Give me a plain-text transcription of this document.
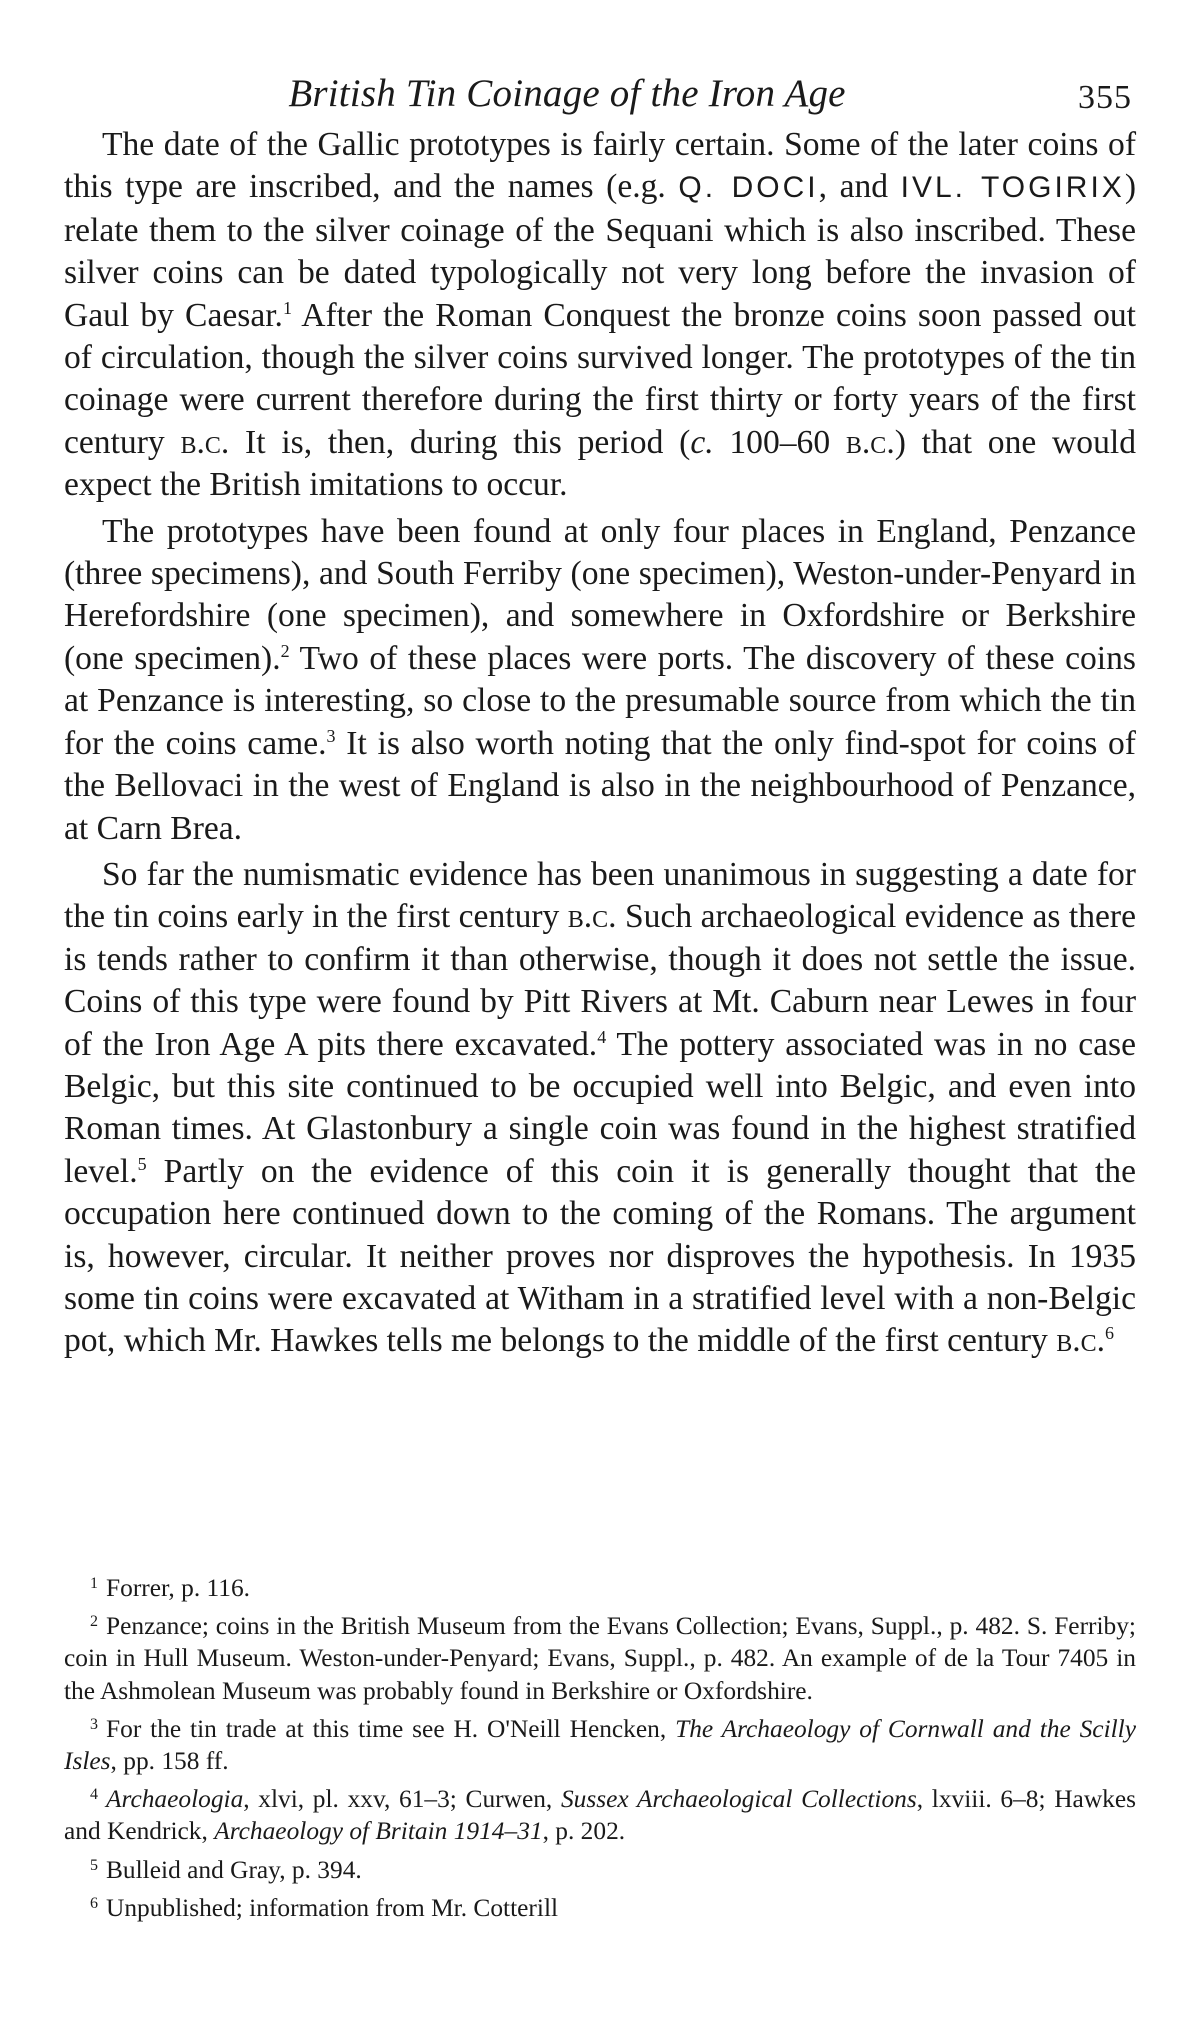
British Tin Coinage of the Iron Age	355

The date of the Gallic prototypes is fairly certain. Some of the later coins of this type are inscribed, and the names (e.g. Q. DOCI, and IVL. TOGIRIX) relate them to the silver coinage of the Sequani which is also inscribed. These silver coins can be dated typologically not very long before the invasion of Gaul by Caesar.$^1$ After the Roman Conquest the bronze coins soon passed out of circulation, though the silver coins survived longer. The prototypes of the tin coinage were current therefore during the first thirty or forty years of the first century b.c. It is, then, during this period (c. 100–60 b.c.) that one would expect the British imitations to occur.

The prototypes have been found at only four places in England, Penzance (three specimens), and South Ferriby (one specimen), Weston-under-Penyard in Herefordshire (one specimen), and somewhere in Oxfordshire or Berkshire (one specimen).$^2$ Two of these places were ports. The discovery of these coins at Penzance is interesting, so close to the presumable source from which the tin for the coins came.$^3$ It is also worth noting that the only find-spot for coins of the Bellovaci in the west of England is also in the neighbourhood of Penzance, at Carn Brea.

So far the numismatic evidence has been unanimous in suggesting a date for the tin coins early in the first century b.c. Such archaeological evidence as there is tends rather to confirm it than otherwise, though it does not settle the issue. Coins of this type were found by Pitt Rivers at Mt. Caburn near Lewes in four of the Iron Age A pits there excavated.$^4$ The pottery associated was in no case Belgic, but this site continued to be occupied well into Belgic, and even into Roman times. At Glastonbury a single coin was found in the highest stratified level.$^5$ Partly on the evidence of this coin it is generally thought that the occupation here continued down to the coming of the Romans. The argument is, however, circular. It neither proves nor disproves the hypothesis. In 1935 some tin coins were excavated at Witham in a stratified level with a non-Belgic pot, which Mr. Hawkes tells me belongs to the middle of the first century b.c.$^6$

$^1$ Forrer, p. 116.

$^2$ Penzance; coins in the British Museum from the Evans Collection; Evans, Suppl., p. 482. S. Ferriby; coin in Hull Museum. Weston-under-Penyard; Evans, Suppl., p. 482. An example of de la Tour 7405 in the Ashmolean Museum was probably found in Berkshire or Oxfordshire.

$^3$ For the tin trade at this time see H. O'Neill Hencken, The Archaeology of Cornwall and the Scilly Isles, pp. 158 ff.

$^4$ Archaeologia, xlvi, pl. xxv, 61–3; Curwen, Sussex Archaeological Collections, lxviii. 6–8; Hawkes and Kendrick, Archaeology of Britain 1914–31, p. 202.

$^5$ Bulleid and Gray, p. 394.

$^6$ Unpublished; information from Mr. Cotterill
